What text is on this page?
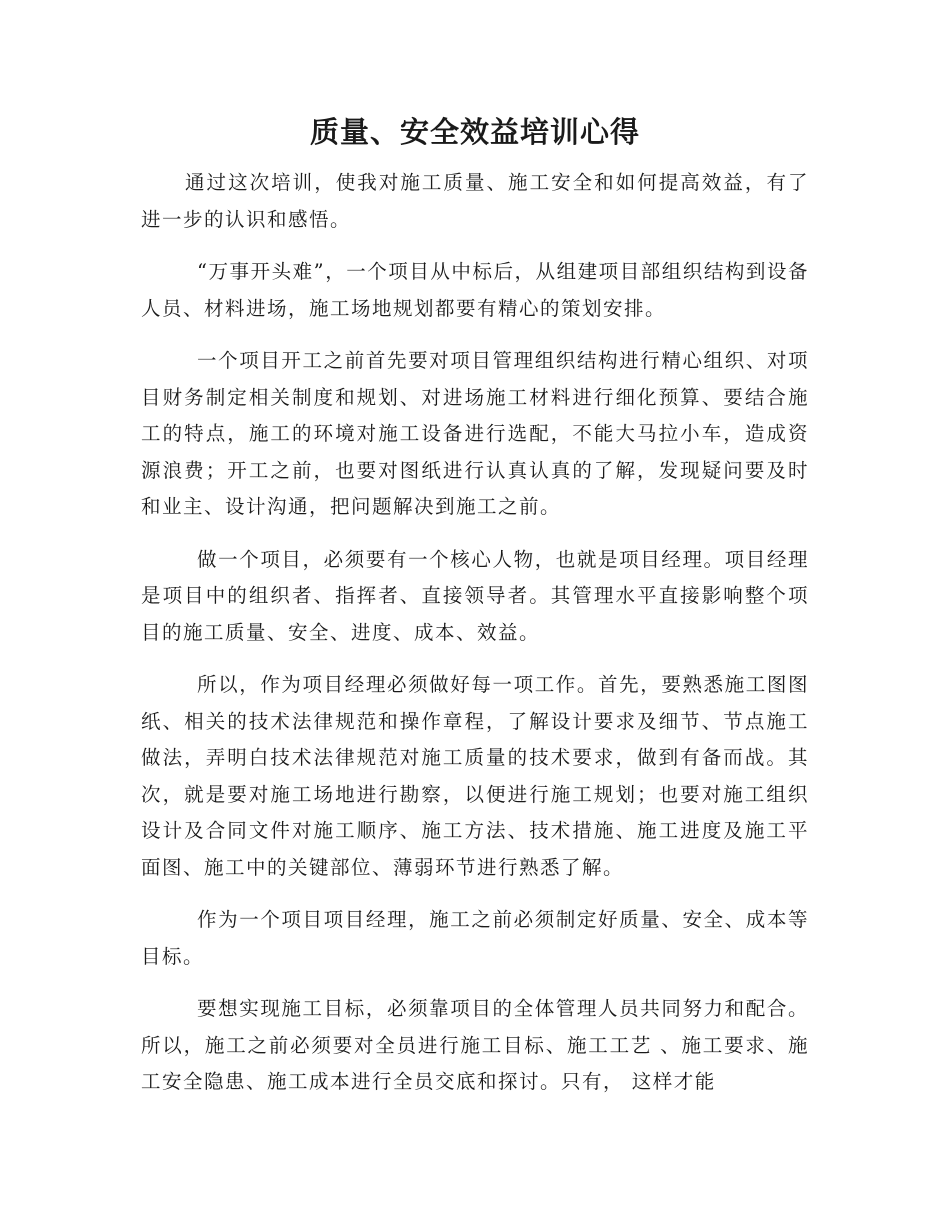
质量、安全效益培训心得

通过这次培训，使我对施工质量、施工安全和如何提高效益，有了进一步的认识和感悟。

“万事开头难”，一个项目从中标后，从组建项目部组织结构到设备人员、材料进场，施工场地规划都要有精心的策划安排。

一个项目开工之前首先要对项目管理组织结构进行精心组织、对项目财务制定相关制度和规划、对进场施工材料进行细化预算、要结合施工的特点，施工的环境对施工设备进行选配，不能大马拉小车，造成资源浪费；开工之前，也要对图纸进行认真认真的了解，发现疑问要及时和业主、设计沟通，把问题解决到施工之前。

做一个项目，必须要有一个核心人物，也就是项目经理。项目经理是项目中的组织者、指挥者、直接领导者。其管理水平直接影响整个项目的施工质量、安全、进度、成本、效益。

所以，作为项目经理必须做好每一项工作。首先，要熟悉施工图图纸、相关的技术法律规范和操作章程，了解设计要求及细节、节点施工做法，弄明白技术法律规范对施工质量的技术要求，做到有备而战。其次，就是要对施工场地进行勘察，以便进行施工规划；也要对施工组织设计及合同文件对施工顺序、施工方法、技术措施、施工进度及施工平面图、施工中的关键部位、薄弱环节进行熟悉了解。

作为一个项目项目经理，施工之前必须制定好质量、安全、成本等目标。

要想实现施工目标，必须靠项目的全体管理人员共同努力和配合。所以，施工之前必须要对全员进行施工目标、施工工艺 、施工要求、施工安全隐患、施工成本进行全员交底和探讨。只有， 这样才能
